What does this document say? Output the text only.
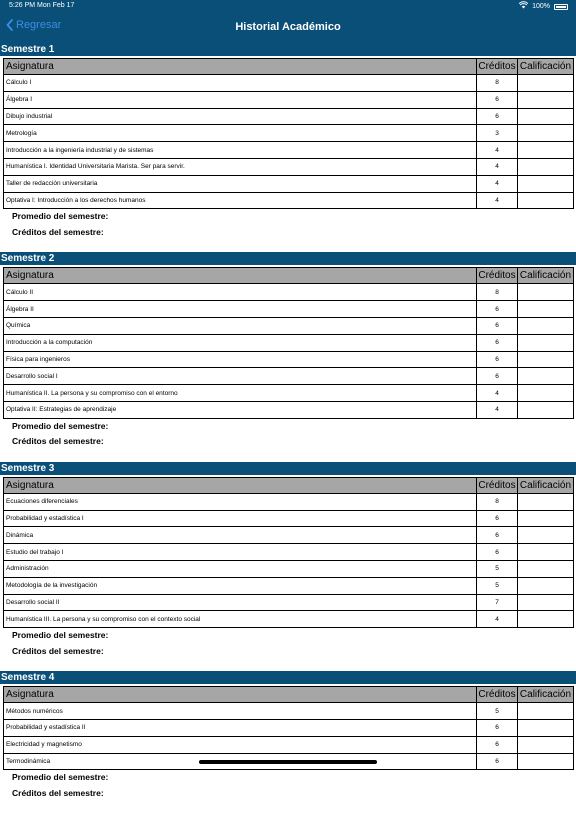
5:26 PM Mon Feb 17	100%
Regresar	Historial Académico
Semestre 1
Asignatura	Créditos	Calificación
Cálculo I	8	
Álgebra I	6	
Dibujo industrial	6	
Metrología	3	
Introducción a la ingeniería industrial y de sistemas	4	
Humanística I. Identidad Universitaria Marista. Ser para servir.	4	
Taller de redacción universitaria	4	
Optativa I: Introducción a los derechos humanos	4	
Promedio del semestre:
Créditos del semestre:
Semestre 2
Asignatura	Créditos	Calificación
Cálculo II	8	
Álgebra II	6	
Química	6	
Introducción a la computación	6	
Física para ingenieros	6	
Desarrollo social I	6	
Humanística II. La persona y su compromiso con el entorno	4	
Optativa II: Estrategias de aprendizaje	4	
Promedio del semestre:
Créditos del semestre:
Semestre 3
Asignatura	Créditos	Calificación
Ecuaciones diferenciales	8	
Probabilidad y estadística I	6	
Dinámica	6	
Estudio del trabajo I	6	
Administración	5	
Metodología de la investigación	5	
Desarrollo social II	7	
Humanística III. La persona y su compromiso con el contexto social	4	
Promedio del semestre:
Créditos del semestre:
Semestre 4
Asignatura	Créditos	Calificación
Métodos numéricos	5	
Probabilidad y estadística II	6	
Electricidad y magnetismo	6	
Termodinámica	6	
Promedio del semestre:
Créditos del semestre:
